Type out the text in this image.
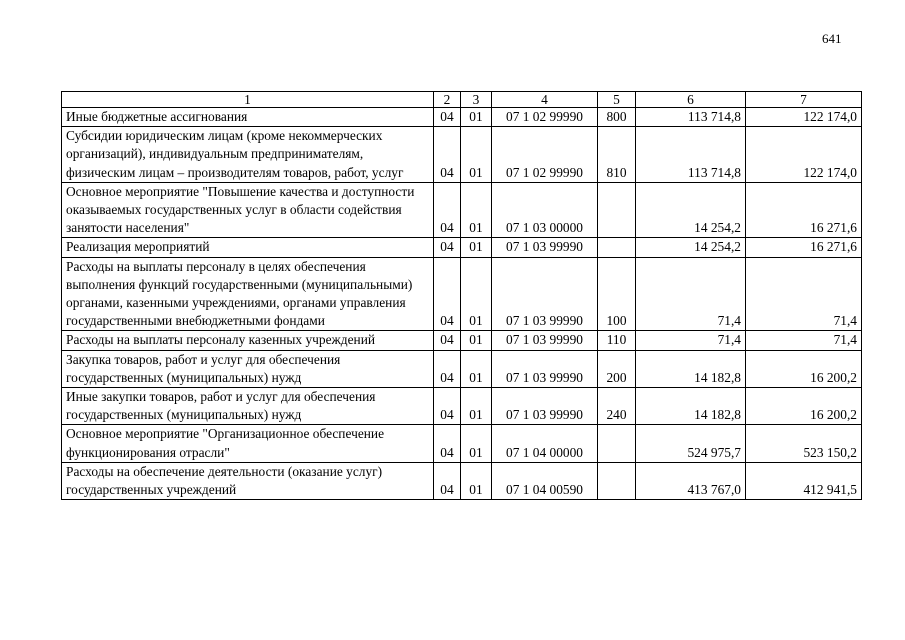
641
1	2	3	4	5	6	7
Иные бюджетные ассигнования	04	01	07 1 02 99990	800	113 714,8	122 174,0
Субсидии юридическим лицам (кроме некоммерческих организаций), индивидуальным предпринимателям, физическим лицам – производителям товаров, работ, услуг	04	01	07 1 02 99990	810	113 714,8	122 174,0
Основное мероприятие "Повышение качества и доступности оказываемых государственных услуг в области содействия занятости населения"	04	01	07 1 03 00000		14 254,2	16 271,6
Реализация мероприятий	04	01	07 1 03 99990		14 254,2	16 271,6
Расходы на выплаты персоналу в целях обеспечения выполнения функций государственными (муниципальными) органами, казенными учреждениями, органами управления государственными внебюджетными фондами	04	01	07 1 03 99990	100	71,4	71,4
Расходы на выплаты персоналу казенных учреждений	04	01	07 1 03 99990	110	71,4	71,4
Закупка товаров, работ и услуг для обеспечения государственных (муниципальных) нужд	04	01	07 1 03 99990	200	14 182,8	16 200,2
Иные закупки товаров, работ и услуг для обеспечения государственных (муниципальных) нужд	04	01	07 1 03 99990	240	14 182,8	16 200,2
Основное мероприятие "Организационное обеспечение функционирования отрасли"	04	01	07 1 04 00000		524 975,7	523 150,2
Расходы на обеспечение деятельности (оказание услуг) государственных учреждений	04	01	07 1 04 00590		413 767,0	412 941,5
